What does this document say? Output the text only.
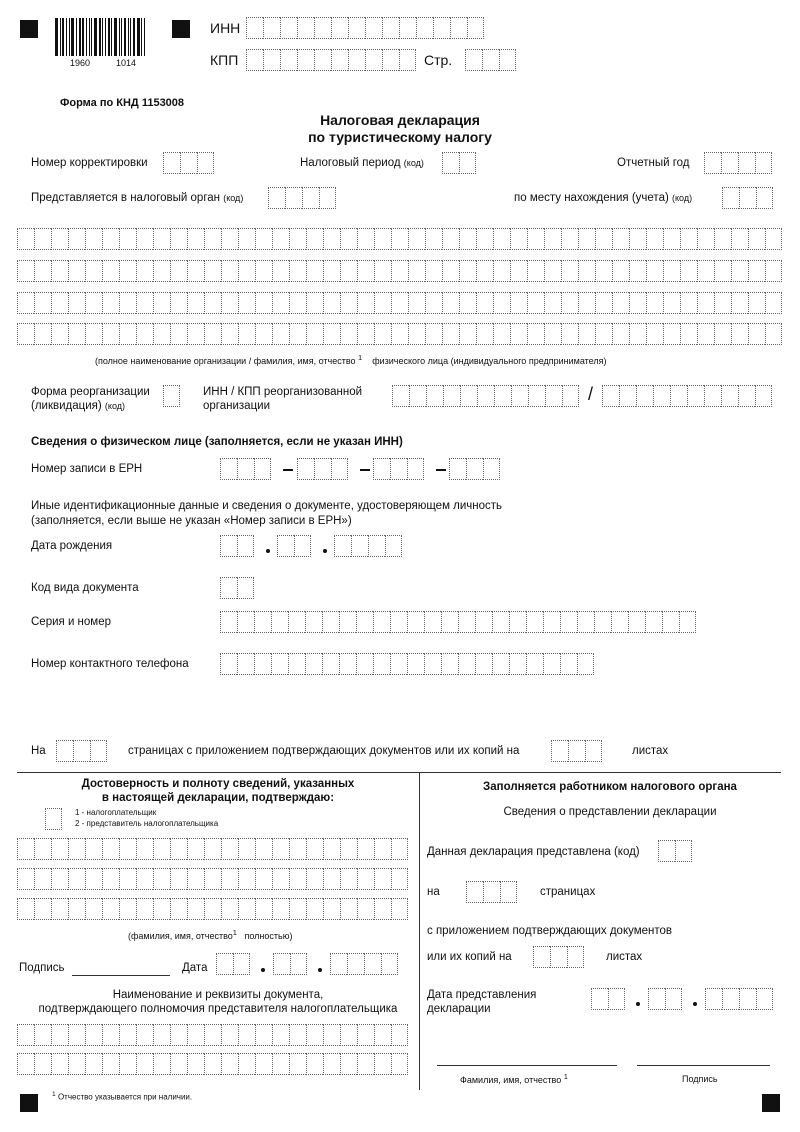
1960	1014
ИНН
КПП	Стр.
Форма по КНД 1153008
Налоговая декларация
по туристическому налогу
Номер корректировки	Налоговый период (код)	Отчетный год
Представляется в налоговый орган (код)	по месту нахождения (учета) (код)
(полное наименование организации / фамилия, имя, отчество $^1$ физического лица (индивидуального предпринимателя)
Форма реорганизации
(ликвидация) (код)
ИНН / КПП реорганизованной
организации
/
Сведения о физическом лице (заполняется, если не указан ИНН)
Номер записи в ЕРН
Иные идентификационные данные и сведения о документе, удостоверяющем личность
(заполняется, если выше не указан «Номер записи в ЕРН»)
Дата рождения
Код вида документа
Серия и номер
Номер контактного телефона
На	страницах с приложением подтверждающих документов или их копий на	листах
Достоверность и полноту сведений, указанных
в настоящей декларации, подтверждаю:
1 - налогоплательщик
2 - представитель налогоплательщика
(фамилия, имя, отчество$^1$ полностью)
Подпись	Дата
Наименование и реквизиты документа,
подтверждающего полномочия представителя налогоплательщика
Заполняется работником налогового органа
Сведения о представлении декларации
Данная декларация представлена (код)
на	страницах
с приложением подтверждающих документов
или их копий на	листах
Дата представления
декларации
Фамилия, имя, отчество $^1$	Подпись
$^1$ Отчество указывается при наличии.
